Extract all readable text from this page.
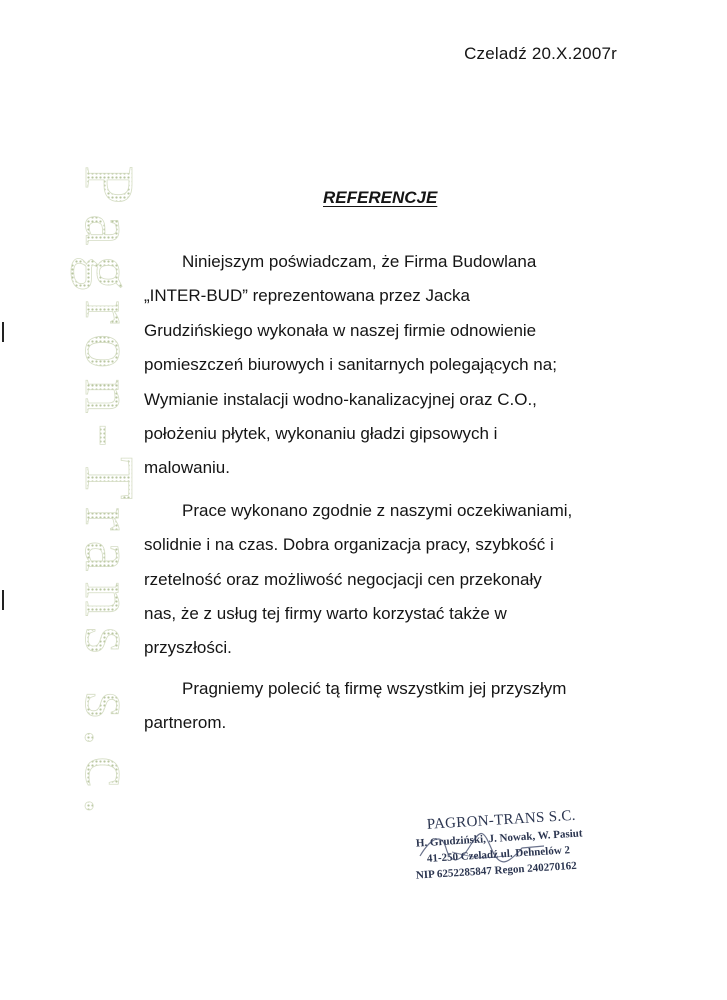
Pagron-Trans s.c.
Czeladź 20.X.2007r
REFERENCJE

Niniejszym poświadczam, że Firma Budowlana
„INTER-BUD” reprezentowana przez Jacka
Grudzińskiego wykonała w naszej firmie odnowienie
pomieszczeń biurowych i sanitarnych polegających na;
Wymianie instalacji wodno-kanalizacyjnej oraz C.O.,
położeniu płytek, wykonaniu gładzi gipsowych i
malowaniu.

Prace wykonano zgodnie z naszymi oczekiwaniami,
solidnie i na czas. Dobra organizacja pracy, szybkość i
rzetelność oraz możliwość negocjacji cen przekonały
nas, że z usług tej firmy warto korzystać także w
przyszłości.

Pragniemy polecić tą firmę wszystkim jej przyszłym
partnerom.

PAGRON-TRANS S.C.
H. Grudziński, J. Nowak, W. Pasiut
41-250 Czeladź ul. Dehnelów 2
NIP 6252285847 Regon 240270162
